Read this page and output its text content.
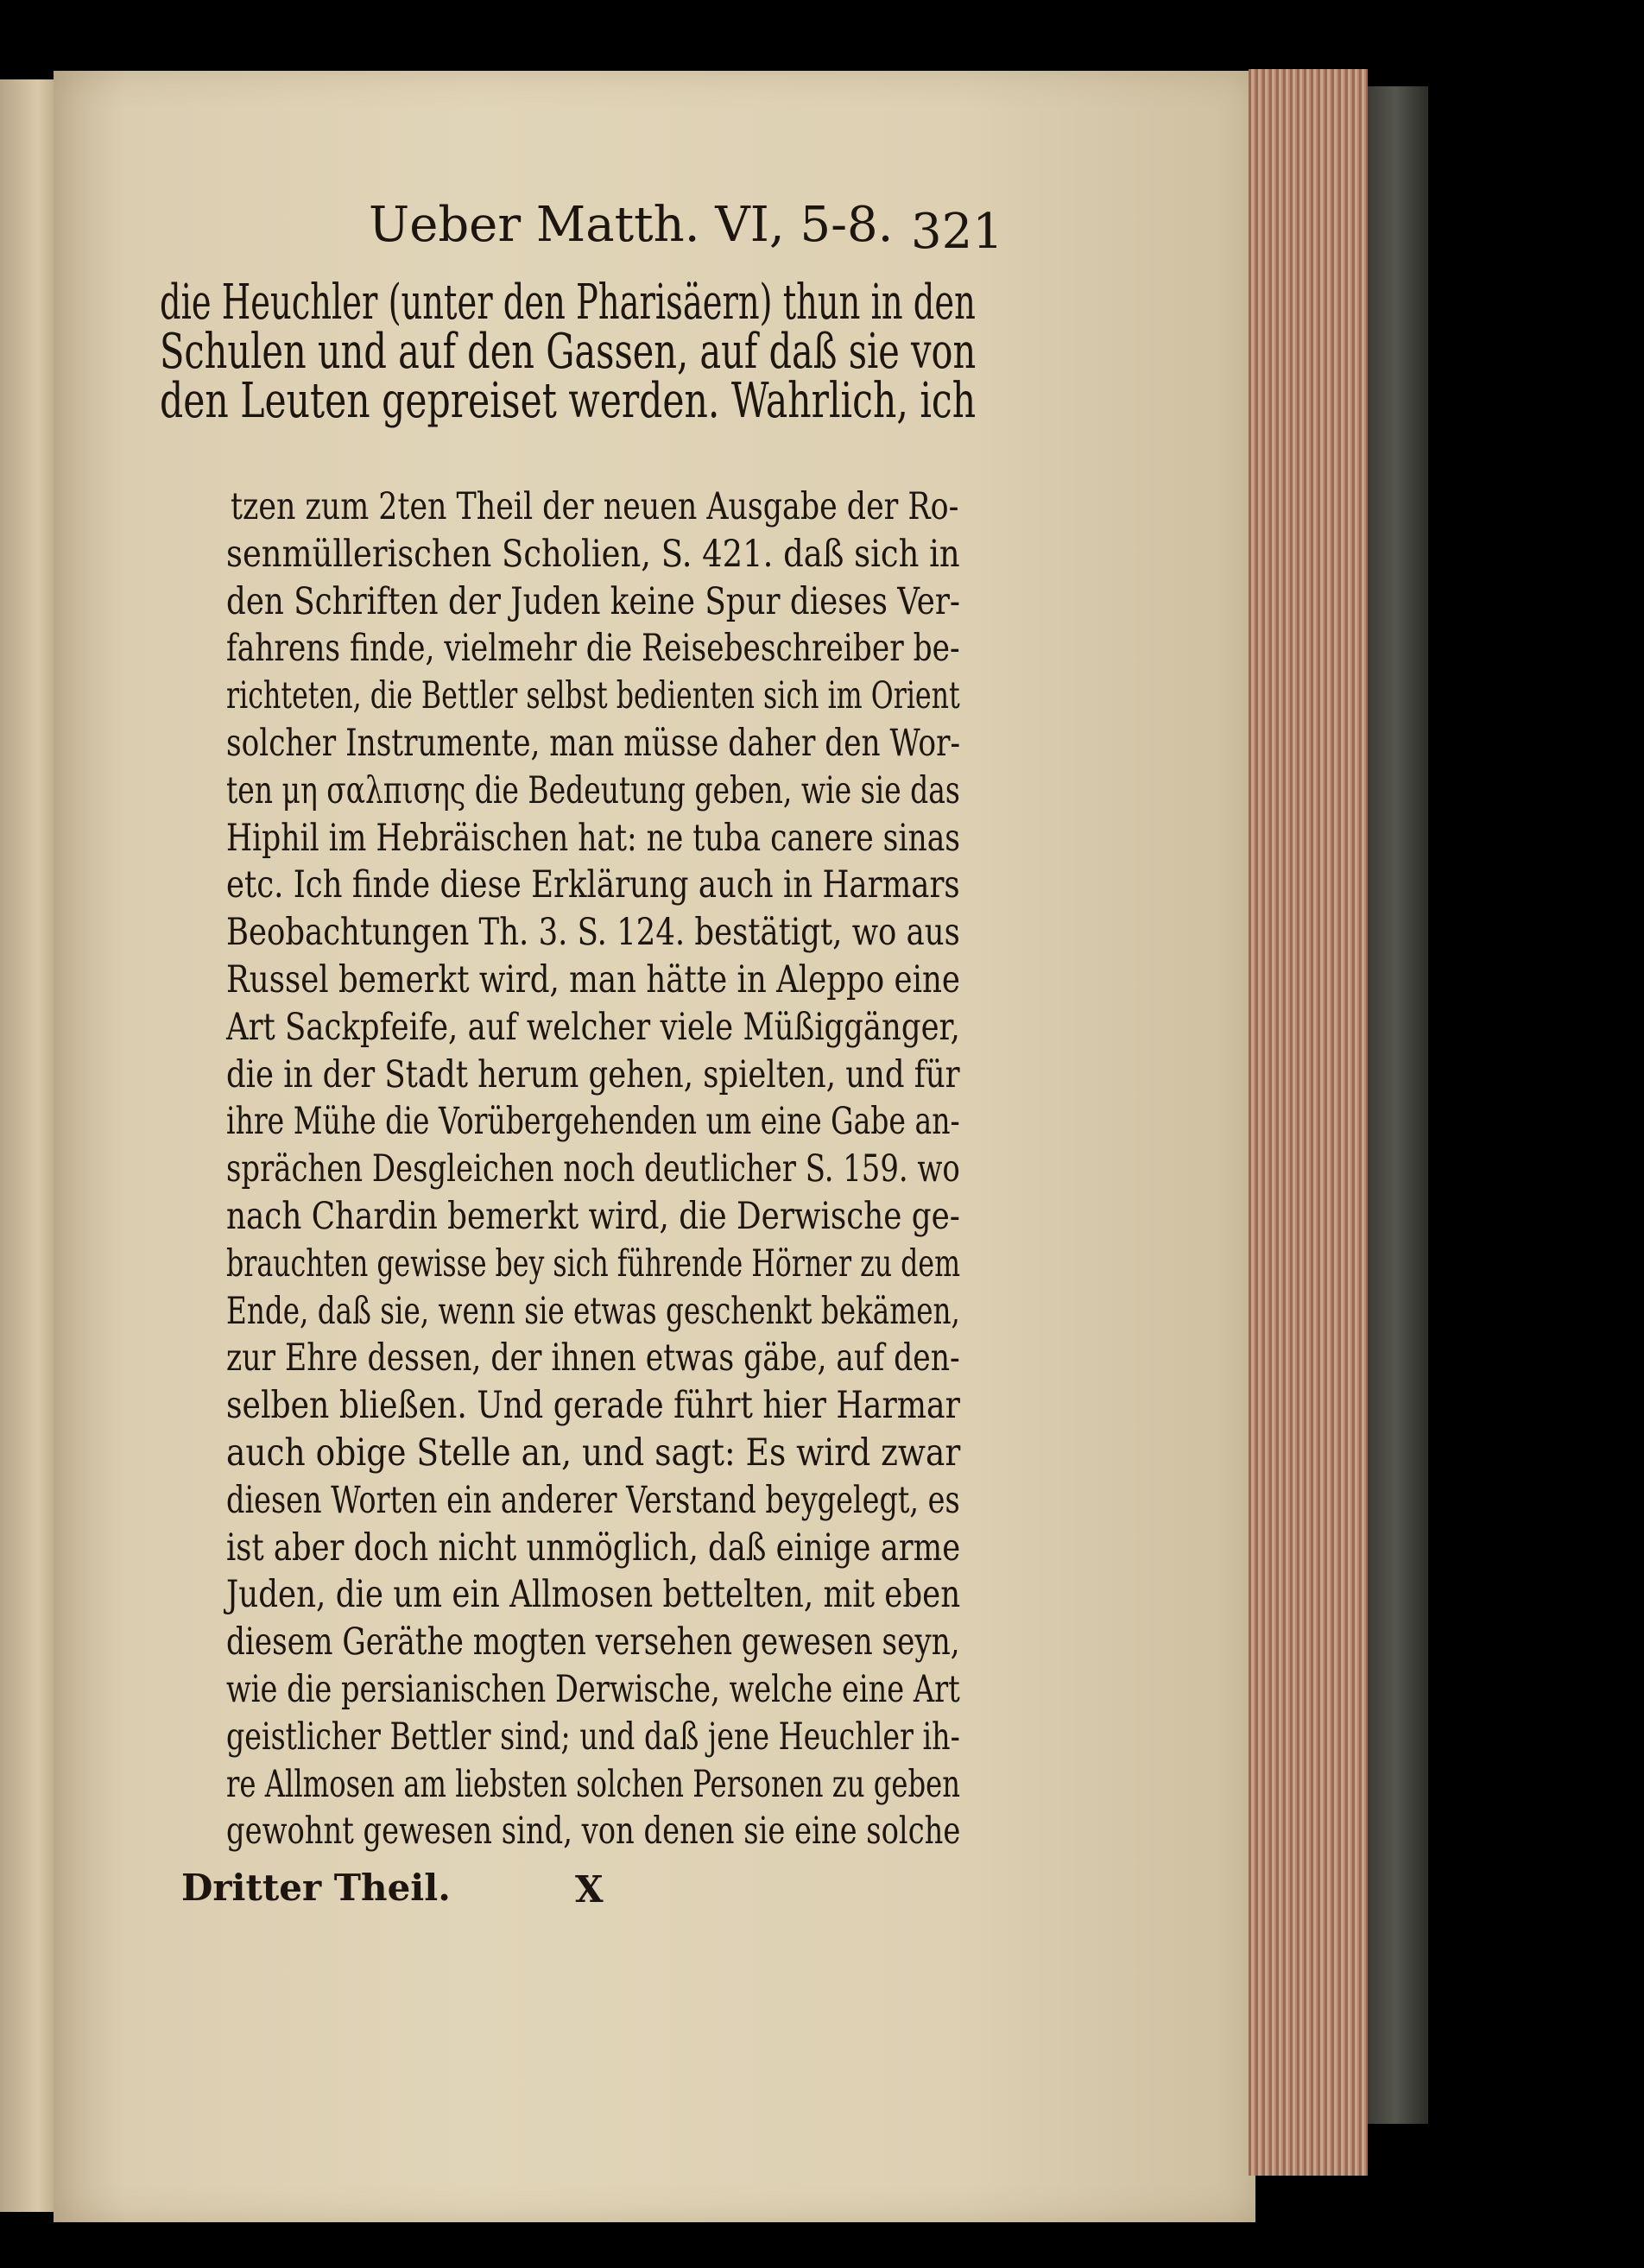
Ueber Matth. VI, 5-8. 321
die Heuchler (unter den Pharisäern) thun in den
Schulen und auf den Gassen, auf daß sie von
den Leuten gepreiset werden. Wahrlich, ich
tzen zum 2ten Theil der neuen Ausgabe der Ro-
senmüllerischen Scholien, S. 421. daß sich in
den Schriften der Juden keine Spur dieses Ver-
fahrens finde, vielmehr die Reisebeschreiber be-
richteten, die Bettler selbst bedienten sich im Orient
solcher Instrumente, man müsse daher den Wor-
ten μη σαλπισης die Bedeutung geben, wie sie das
Hiphil im Hebräischen hat: ne tuba canere sinas
etc. Ich finde diese Erklärung auch in Harmars
Beobachtungen Th. 3. S. 124. bestätigt, wo aus
Russel bemerkt wird, man hätte in Aleppo eine
Art Sackpfeife, auf welcher viele Müßiggänger,
die in der Stadt herum gehen, spielten, und für
ihre Mühe die Vorübergehenden um eine Gabe an-
sprächen Desgleichen noch deutlicher S. 159. wo
nach Chardin bemerkt wird, die Derwische ge-
brauchten gewisse bey sich führende Hörner zu dem
Ende, daß sie, wenn sie etwas geschenkt bekämen,
zur Ehre dessen, der ihnen etwas gäbe, auf den-
selben bließen. Und gerade führt hier Harmar
auch obige Stelle an, und sagt: Es wird zwar
diesen Worten ein anderer Verstand beygelegt, es
ist aber doch nicht unmöglich, daß einige arme
Juden, die um ein Allmosen bettelten, mit eben
diesem Geräthe mogten versehen gewesen seyn,
wie die persianischen Derwische, welche eine Art
geistlicher Bettler sind; und daß jene Heuchler ih-
re Allmosen am liebsten solchen Personen zu geben
gewohnt gewesen sind, von denen sie eine solche
Dritter Theil.	X
